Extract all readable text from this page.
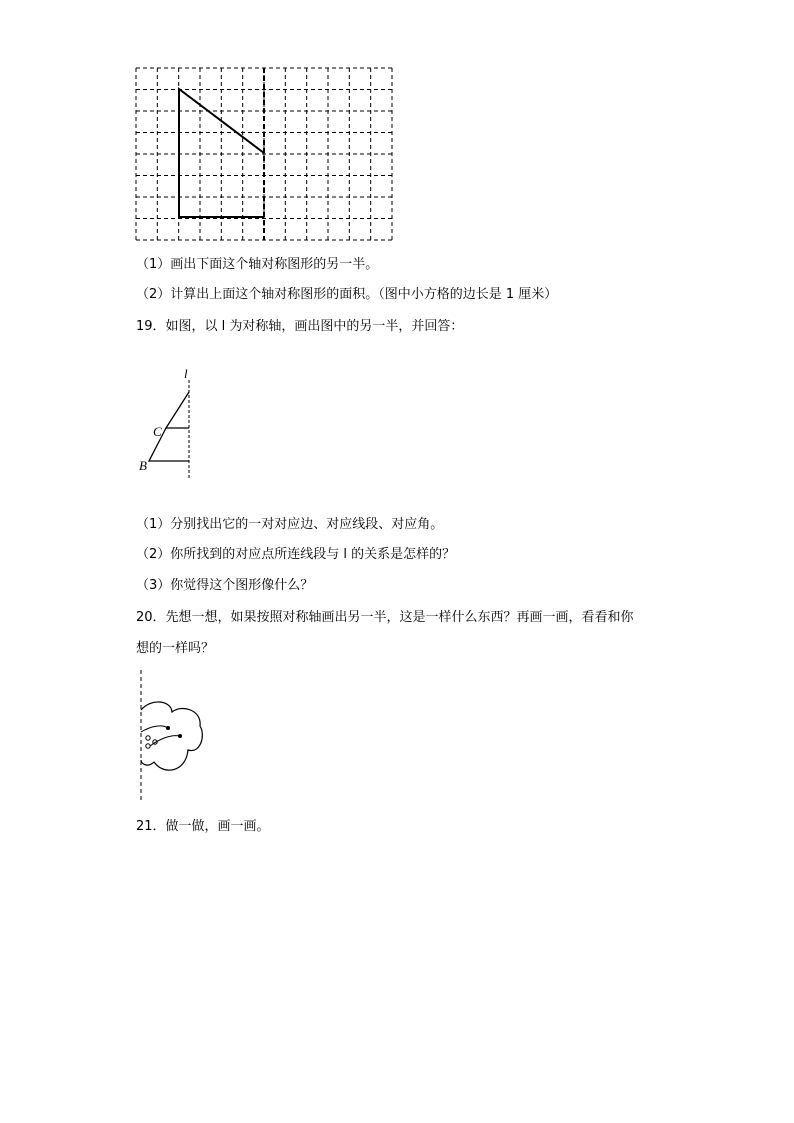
（1）画出下面这个轴对称图形的另一半。
（2）计算出上面这个轴对称图形的面积。（图中小方格的边长是 1 厘米）
19．如图，以 l 为对称轴，画出图中的另一半，并回答：
l
C
B
（1）分别找出它的一对对应边、对应线段、对应角。
（2）你所找到的对应点所连线段与 l 的关系是怎样的？
（3）你觉得这个图形像什么？
20．先想一想，如果按照对称轴画出另一半，这是一样什么东西？再画一画，看看和你
想的一样吗？
21．做一做，画一画。
